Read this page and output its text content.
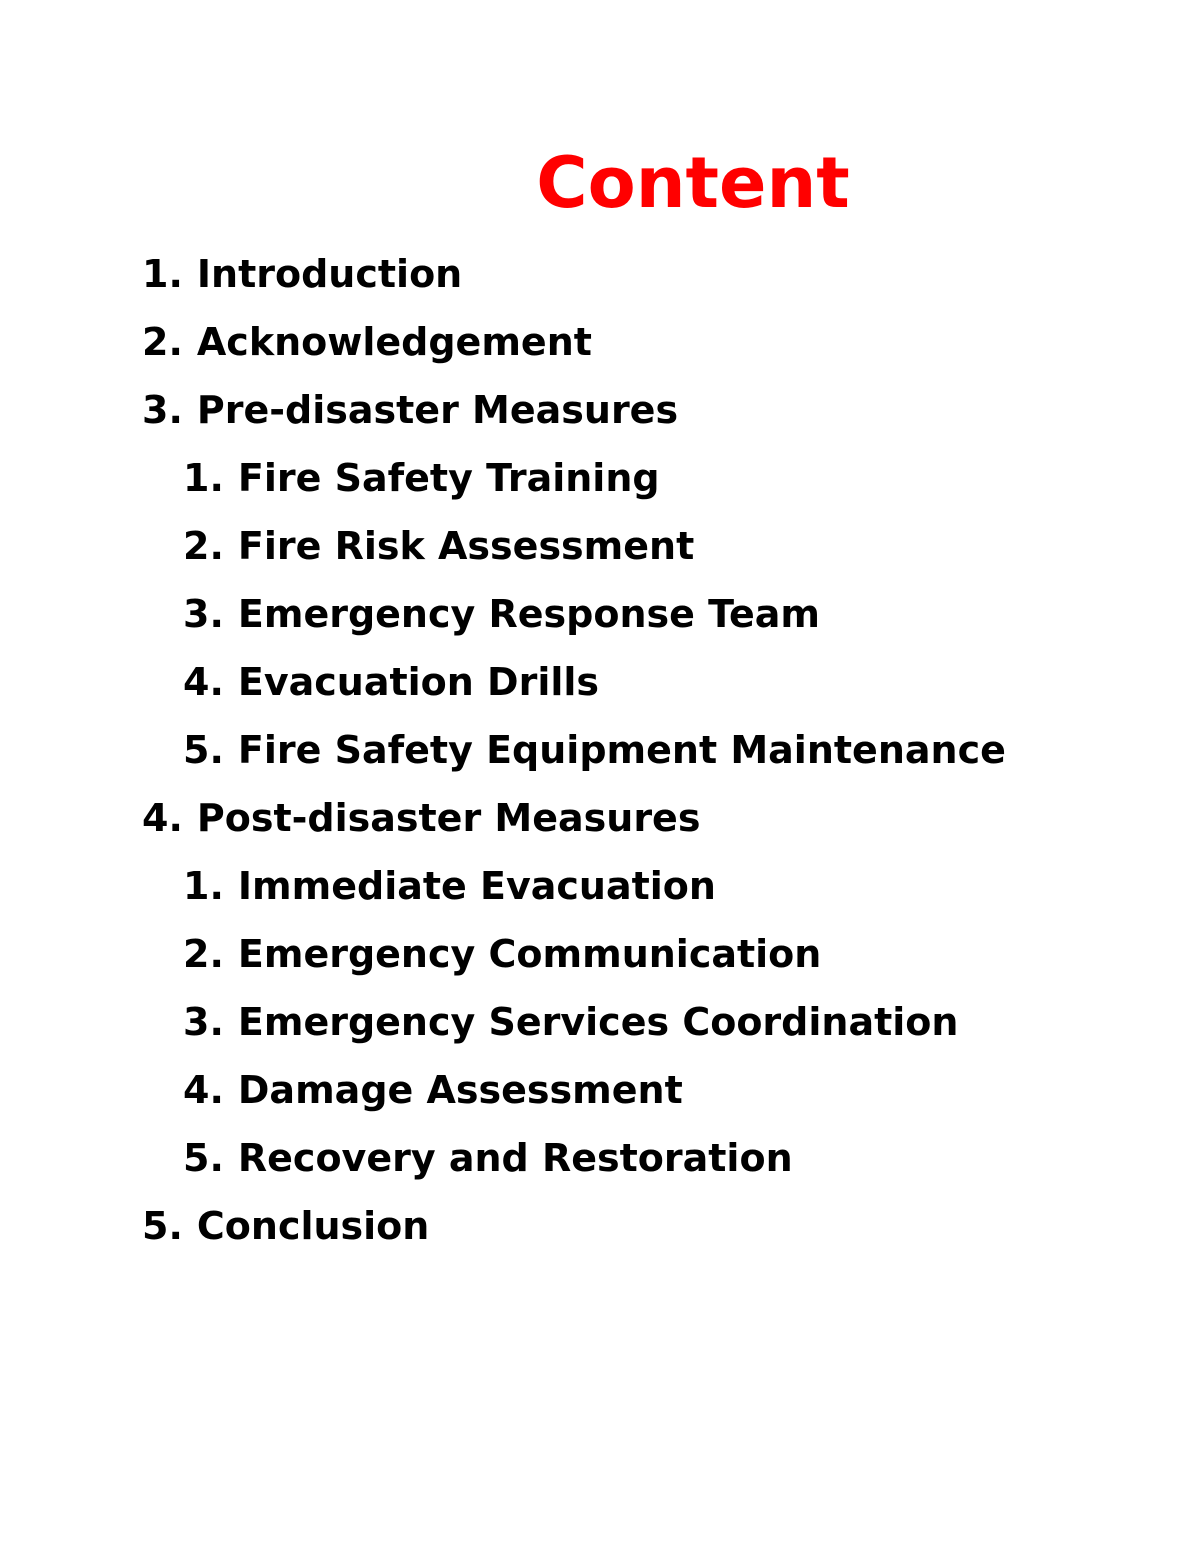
Content
1. Introduction
2. Acknowledgement
3. Pre-disaster Measures
1. Fire Safety Training
2. Fire Risk Assessment
3. Emergency Response Team
4. Evacuation Drills
5. Fire Safety Equipment Maintenance
4. Post-disaster Measures
1. Immediate Evacuation
2. Emergency Communication
3. Emergency Services Coordination
4. Damage Assessment
5. Recovery and Restoration
5. Conclusion
